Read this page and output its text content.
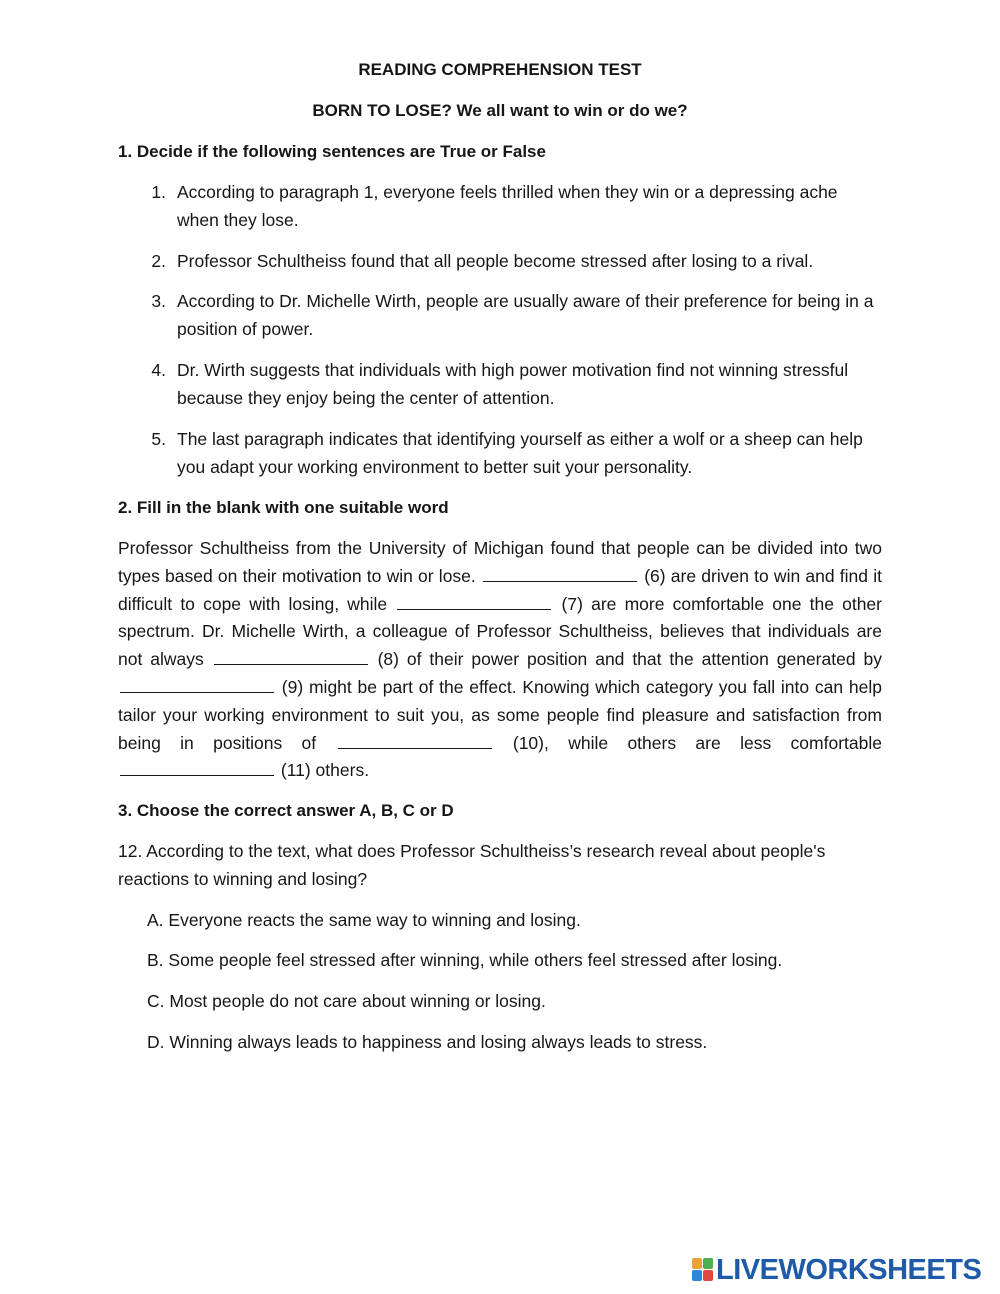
READING COMPREHENSION TEST
BORN TO LOSE? We all want to win or do we?
1. Decide if the following sentences are True or False
1. According to paragraph 1, everyone feels thrilled when they win or a depressing ache when they lose.
2. Professor Schultheiss found that all people become stressed after losing to a rival.
3. According to Dr. Michelle Wirth, people are usually aware of their preference for being in a position of power.
4. Dr. Wirth suggests that individuals with high power motivation find not winning stressful because they enjoy being the center of attention.
5. The last paragraph indicates that identifying yourself as either a wolf or a sheep can help you adapt your working environment to better suit your personality.
2. Fill in the blank with one suitable word
Professor Schultheiss from the University of Michigan found that people can be divided into two types based on their motivation to win or lose.	(6) are driven to win and find it difficult to cope with losing, while	(7) are more comfortable one the other spectrum. Dr. Michelle Wirth, a colleague of Professor Schultheiss, believes that individuals are not always	(8) of their power position and that the attention generated by  (9) might be part of the effect. Knowing which category you fall into can help tailor your working environment to suit you, as some people find pleasure and satisfaction from being in positions of	(10), while others are less comfortable  (11) others.
3. Choose the correct answer A, B, C or D
12. According to the text, what does Professor Schultheiss’s research reveal about people's reactions to winning and losing?
A. Everyone reacts the same way to winning and losing.
B. Some people feel stressed after winning, while others feel stressed after losing.
C. Most people do not care about winning or losing.
D. Winning always leads to happiness and losing always leads to stress.
LIVEWORKSHEETS
